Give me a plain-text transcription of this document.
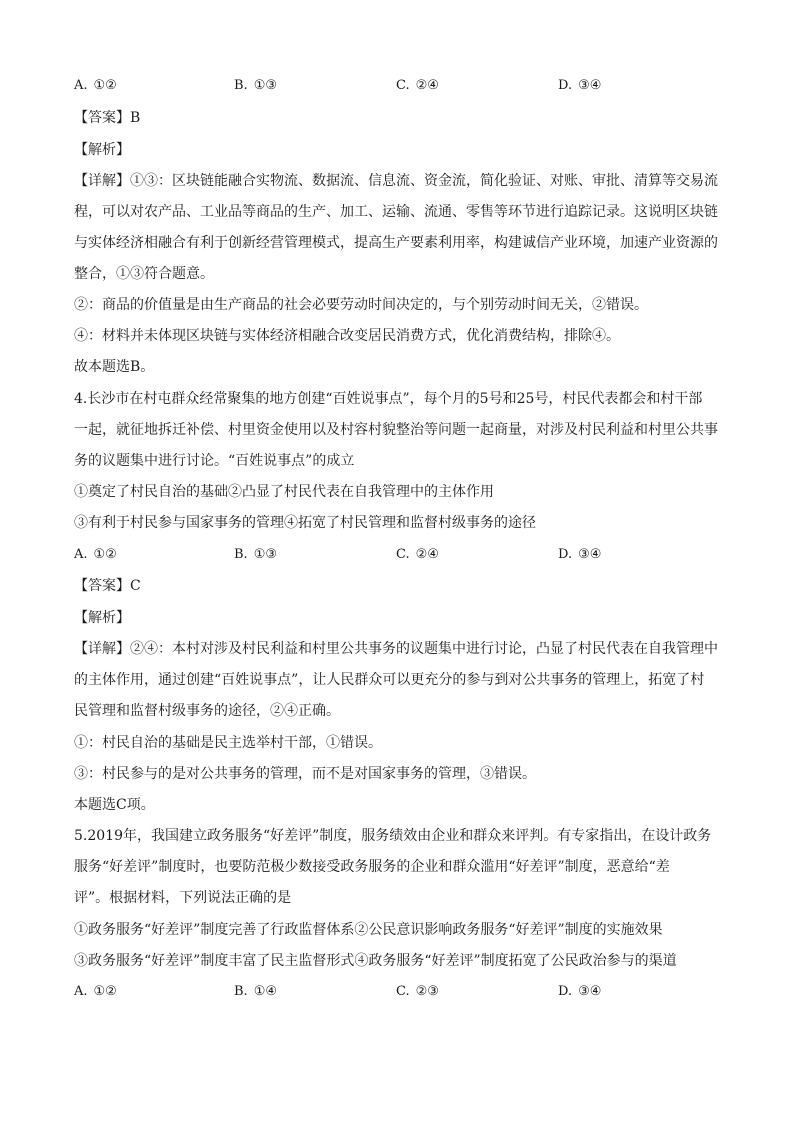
A. ①②	B. ①③	C. ②④	D. ③④
【答案】B
【解析】
【详解】①③：区块链能融合实物流、数据流、信息流、资金流，简化验证、对账、审批、清算等交易流
程，可以对农产品、工业品等商品的生产、加工、运输、流通、零售等环节进行追踪记录。这说明区块链
与实体经济相融合有利于创新经营管理模式，提高生产要素利用率，构建诚信产业环境，加速产业资源的
整合，①③符合题意。
②：商品的价值量是由生产商品的社会必要劳动时间决定的，与个别劳动时间无关，②错误。
④：材料并未体现区块链与实体经济相融合改变居民消费方式，优化消费结构，排除④。
故本题选B。
4.长沙市在村屯群众经常聚集的地方创建“百姓说事点”，每个月的5号和25号，村民代表都会和村干部
一起，就征地拆迁补偿、村里资金使用以及村容村貌整治等问题一起商量，对涉及村民利益和村里公共事
务的议题集中进行讨论。“百姓说事点”的成立
①奠定了村民自治的基础②凸显了村民代表在自我管理中的主体作用
③有利于村民参与国家事务的管理④拓宽了村民管理和监督村级事务的途径
A. ①②	B. ①③	C. ②④	D. ③④
【答案】C
【解析】
【详解】②④：本村对涉及村民利益和村里公共事务的议题集中进行讨论，凸显了村民代表在自我管理中
的主体作用，通过创建“百姓说事点”，让人民群众可以更充分的参与到对公共事务的管理上，拓宽了村
民管理和监督村级事务的途径，②④正确。
①：村民自治的基础是民主选举村干部，①错误。
③：村民参与的是对公共事务的管理，而不是对国家事务的管理，③错误。
本题选C项。
5.2019年，我国建立政务服务“好差评”制度，服务绩效由企业和群众来评判。有专家指出，在设计政务
服务“好差评”制度时，也要防范极少数接受政务服务的企业和群众滥用“好差评”制度，恶意给“差
评”。根据材料，下列说法正确的是
①政务服务“好差评”制度完善了行政监督体系②公民意识影响政务服务“好差评”制度的实施效果
③政务服务“好差评”制度丰富了民主监督形式④政务服务“好差评”制度拓宽了公民政治参与的渠道
A. ①②	B. ①④	C. ②③	D. ③④
